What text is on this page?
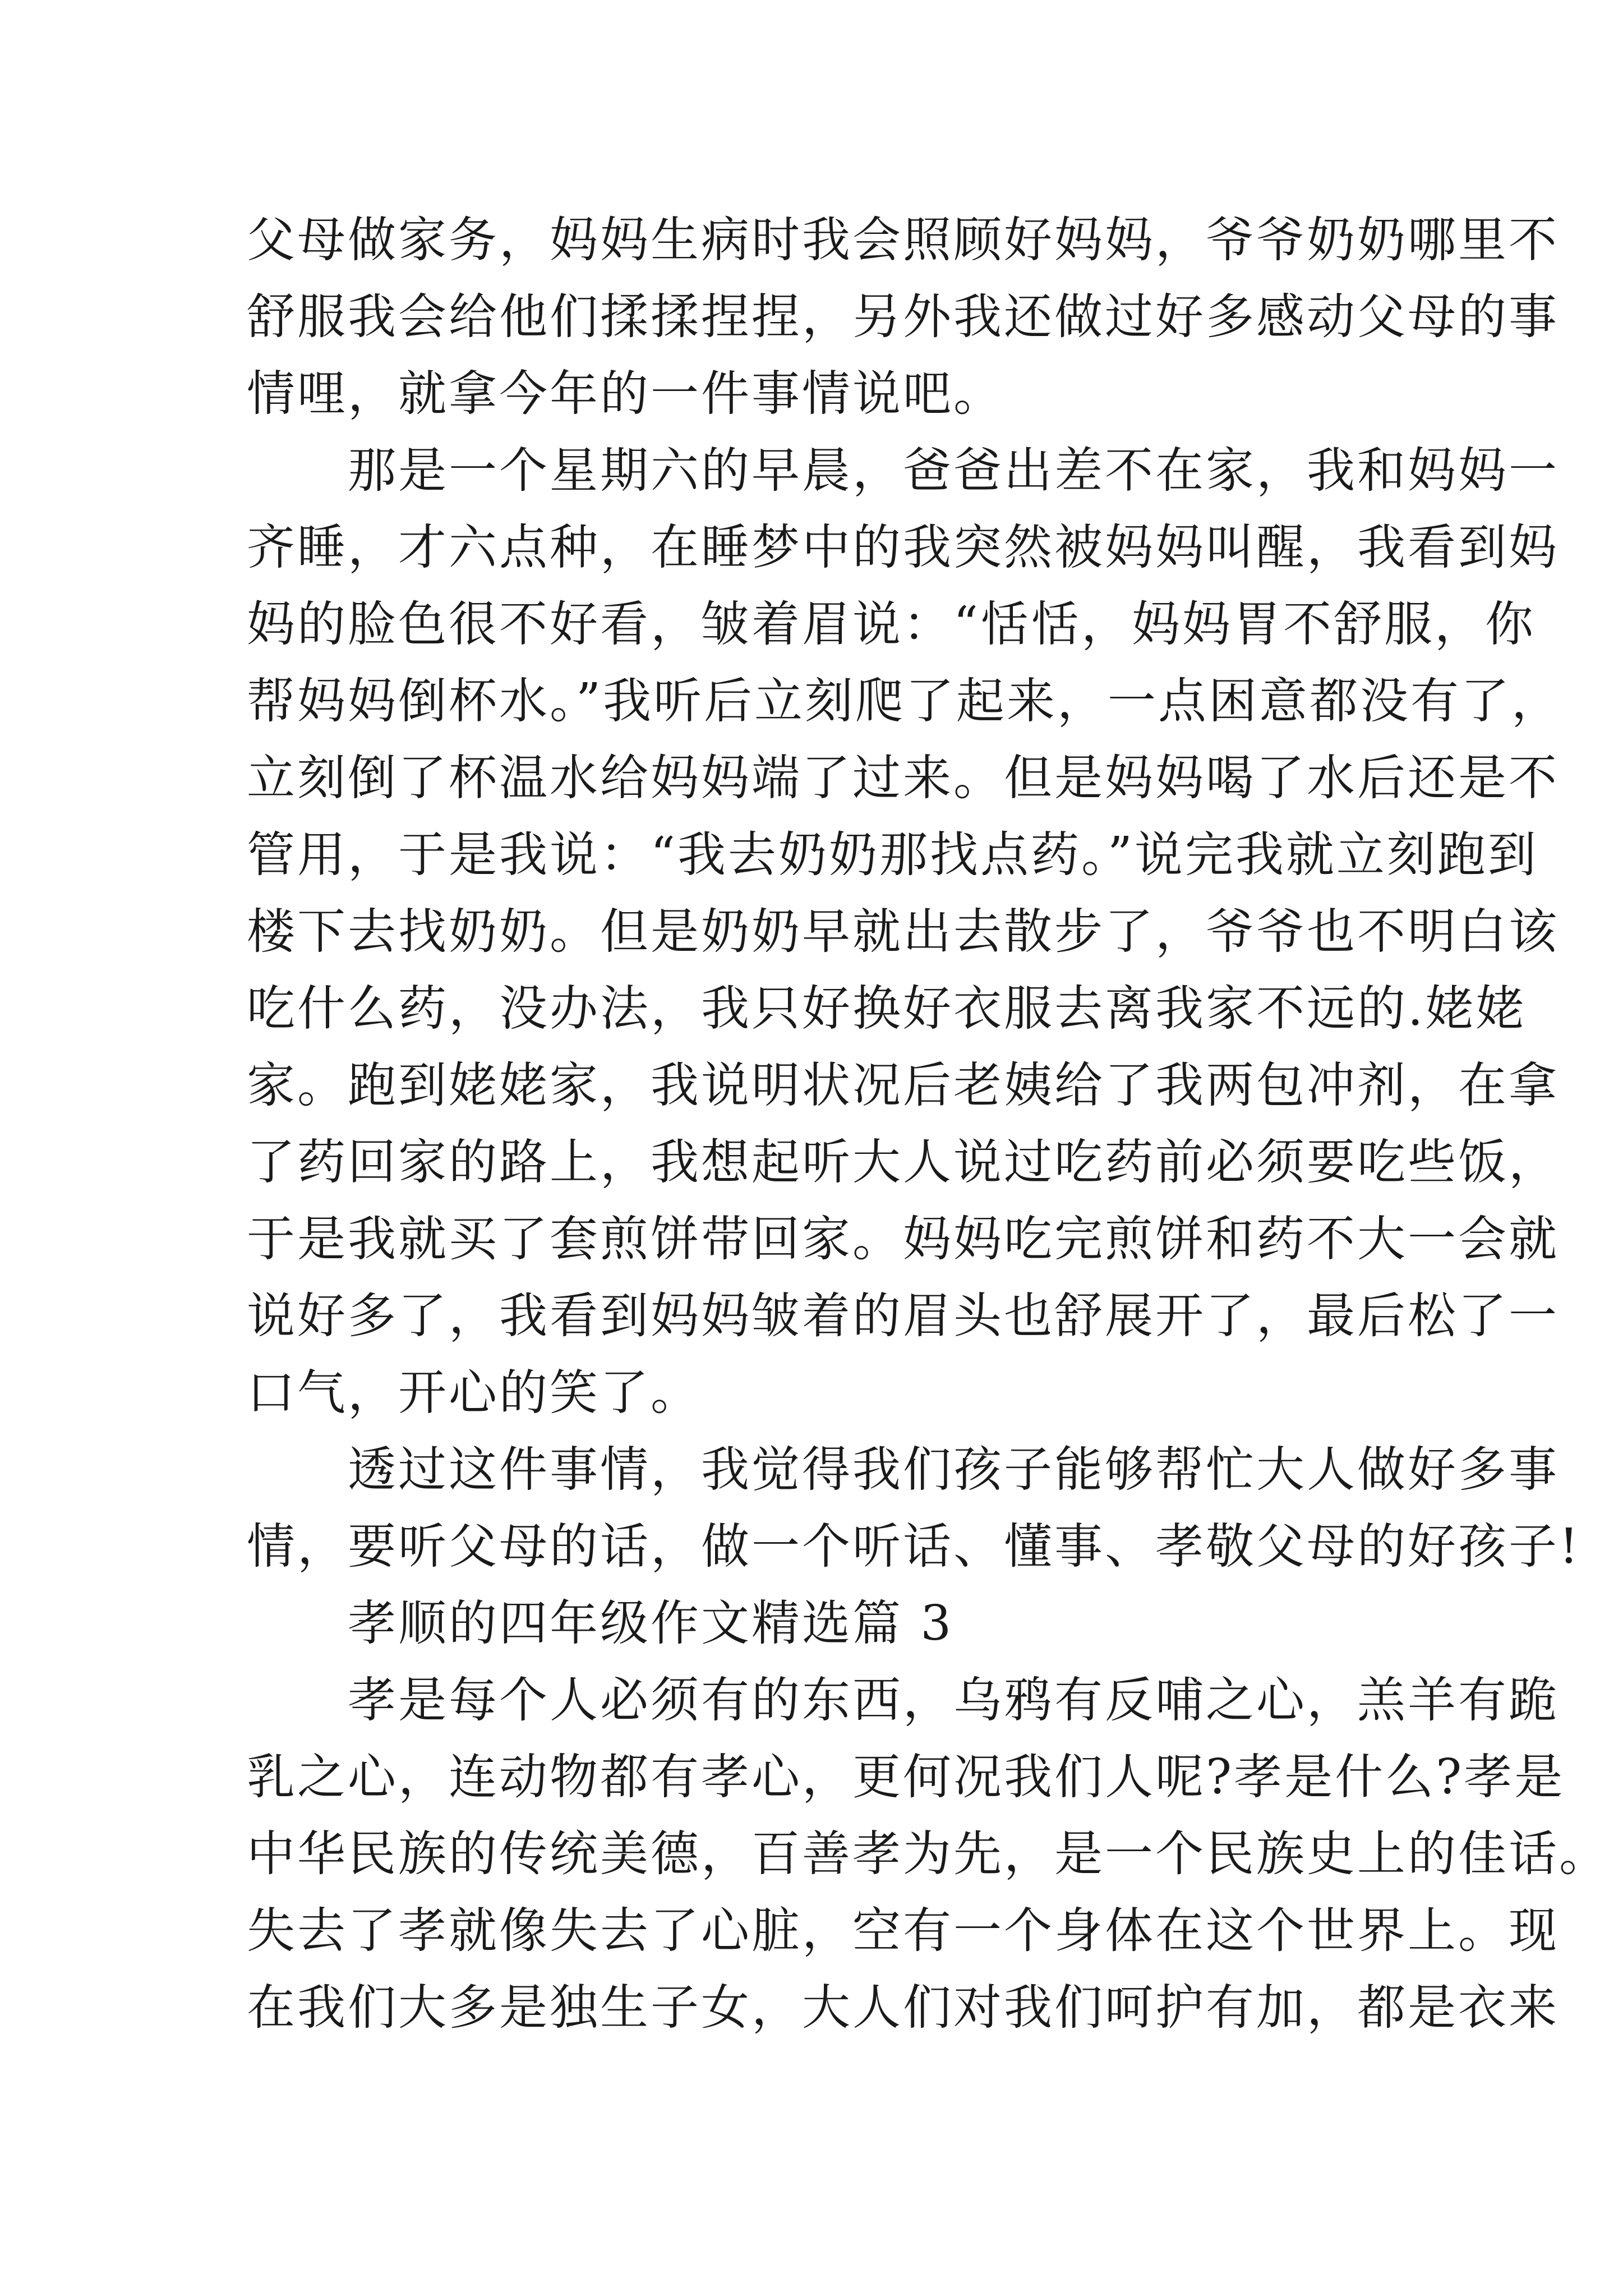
父母做家务，妈妈生病时我会照顾好妈妈，爷爷奶奶哪里不
舒服我会给他们揉揉捏捏，另外我还做过好多感动父母的事
情哩，就拿今年的一件事情说吧。
　　那是一个星期六的早晨，爸爸出差不在家，我和妈妈一
齐睡，才六点种，在睡梦中的我突然被妈妈叫醒，我看到妈
妈的脸色很不好看，皱着眉说：“恬恬，妈妈胃不舒服，你
帮妈妈倒杯水。”我听后立刻爬了起来，一点困意都没有了，
立刻倒了杯温水给妈妈端了过来。但是妈妈喝了水后还是不
管用，于是我说：“我去奶奶那找点药。”说完我就立刻跑到
楼下去找奶奶。但是奶奶早就出去散步了，爷爷也不明白该
吃什么药，没办法，我只好换好衣服去离我家不远的.姥姥
家。跑到姥姥家，我说明状况后老姨给了我两包冲剂，在拿
了药回家的路上，我想起听大人说过吃药前必须要吃些饭，
于是我就买了套煎饼带回家。妈妈吃完煎饼和药不大一会就
说好多了，我看到妈妈皱着的眉头也舒展开了，最后松了一
口气，开心的笑了。
　　透过这件事情，我觉得我们孩子能够帮忙大人做好多事
情，要听父母的话，做一个听话、懂事、孝敬父母的好孩子!
　　孝顺的四年级作文精选篇 3
　　孝是每个人必须有的东西，乌鸦有反哺之心，羔羊有跪
乳之心，连动物都有孝心，更何况我们人呢?孝是什么?孝是
中华民族的传统美德，百善孝为先，是一个民族史上的佳话。
失去了孝就像失去了心脏，空有一个身体在这个世界上。现
在我们大多是独生子女，大人们对我们呵护有加，都是衣来
